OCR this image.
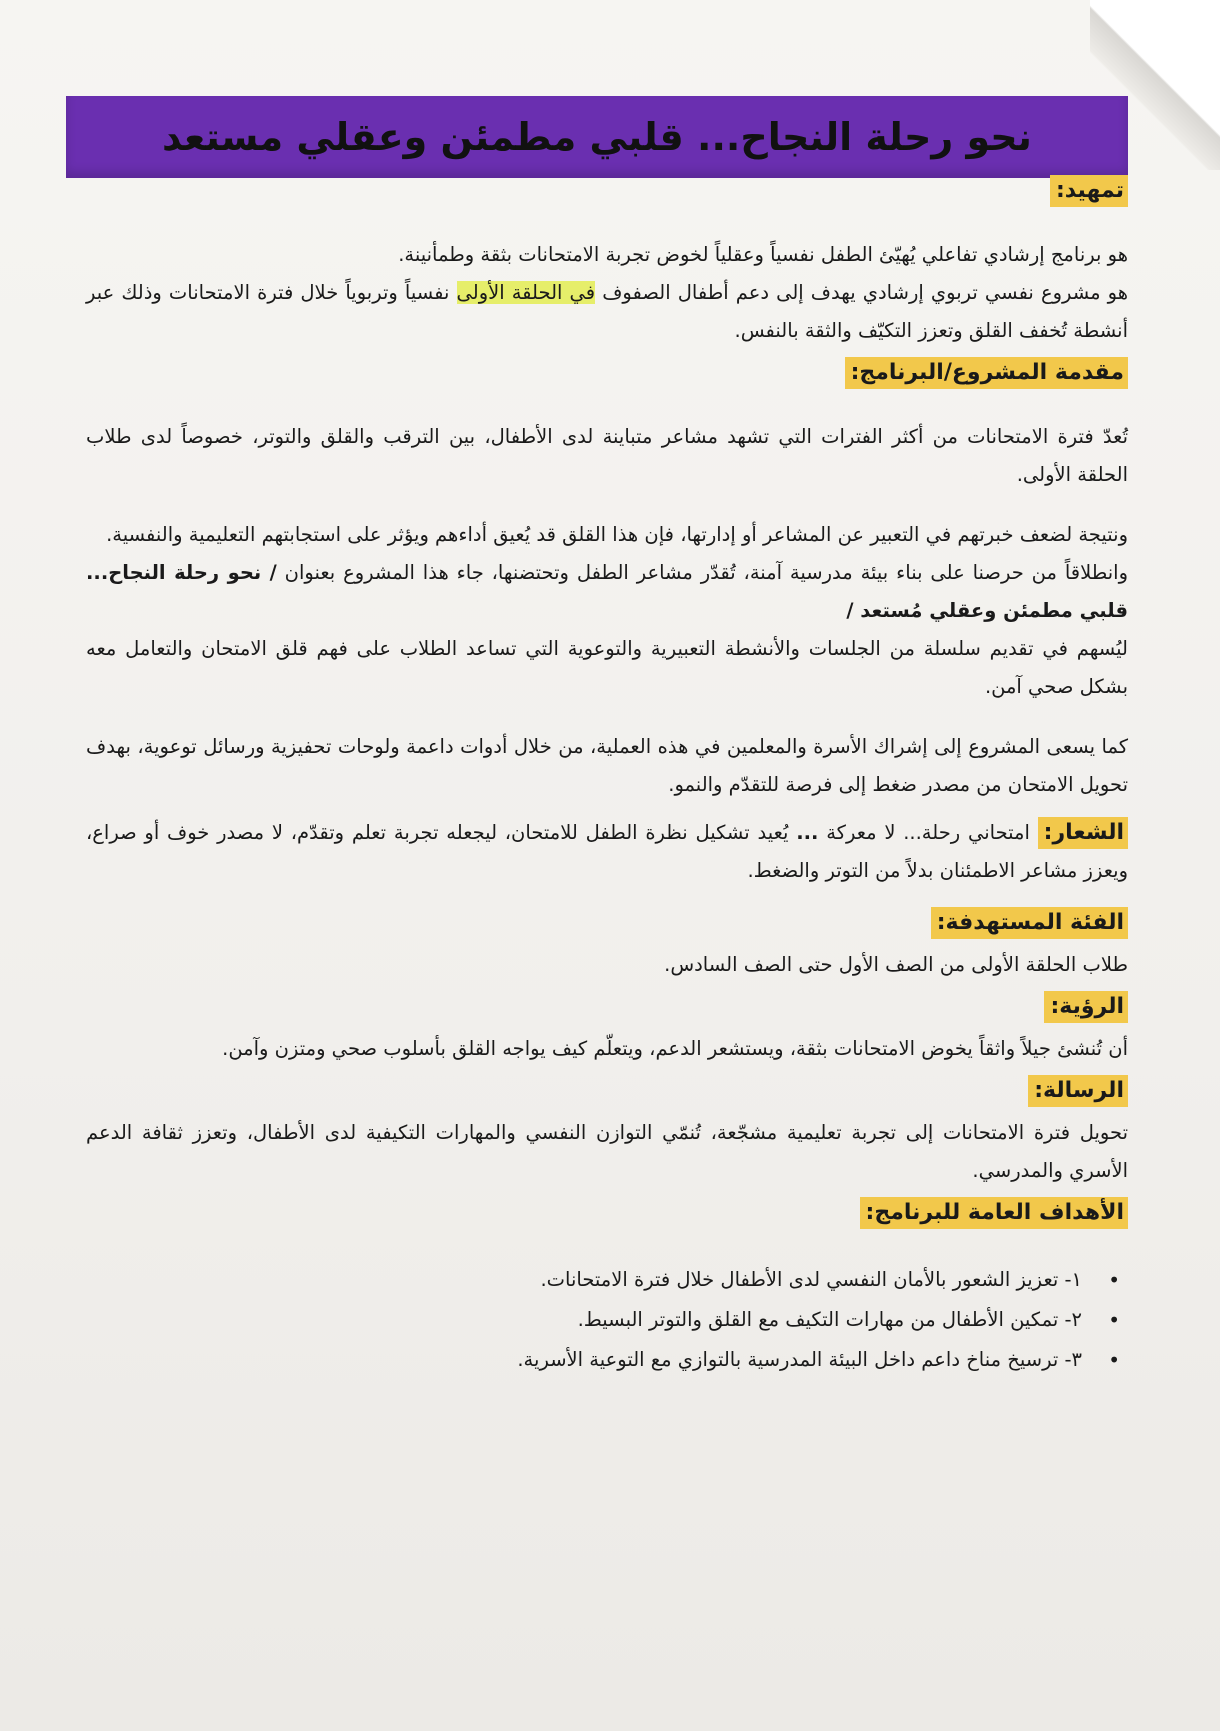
نحو رحلة النجاح... قلبي مطمئن وعقلي مستعد
تمهيد:

هو برنامج إرشادي تفاعلي يُهيّئ الطفل نفسياً وعقلياً لخوض تجربة الامتحانات بثقة وطمأنينة.

هو مشروع نفسي تربوي إرشادي يهدف إلى دعم أطفال الصفوف في الحلقة الأولى نفسياً وتربوياً خلال فترة الامتحانات وذلك عبر أنشطة تُخفف القلق وتعزز التكيّف والثقة بالنفس.

مقدمة المشروع/البرنامج:

تُعدّ فترة الامتحانات من أكثر الفترات التي تشهد مشاعر متباينة لدى الأطفال، بين الترقب والقلق والتوتر، خصوصاً لدى طلاب الحلقة الأولى.

ونتيجة لضعف خبرتهم في التعبير عن المشاعر أو إدارتها، فإن هذا القلق قد يُعيق أداءهم ويؤثر على استجابتهم التعليمية والنفسية.

وانطلاقاً من حرصنا على بناء بيئة مدرسية آمنة، تُقدّر مشاعر الطفل وتحتضنها، جاء هذا المشروع بعنوان / نحو رحلة النجاح... قلبي مطمئن وعقلي مُستعد /

ليُسهم في تقديم سلسلة من الجلسات والأنشطة التعبيرية والتوعوية التي تساعد الطلاب على فهم قلق الامتحان والتعامل معه بشكل صحي آمن.

كما يسعى المشروع إلى إشراك الأسرة والمعلمين في هذه العملية، من خلال أدوات داعمة ولوحات تحفيزية ورسائل توعوية، بهدف تحويل الامتحان من مصدر ضغط إلى فرصة للتقدّم والنمو.

الشعار: امتحاني رحلة... لا معركة ... يُعيد تشكيل نظرة الطفل للامتحان، ليجعله تجربة تعلم وتقدّم، لا مصدر خوف أو صراع، ويعزز مشاعر الاطمئنان بدلاً من التوتر والضغط.

الفئة المستهدفة:

طلاب الحلقة الأولى من الصف الأول حتى الصف السادس.

الرؤية:

أن تُنشئ جيلاً واثقاً يخوض الامتحانات بثقة، ويستشعر الدعم، ويتعلّم كيف يواجه القلق بأسلوب صحي ومتزن وآمن.

الرسالة:

تحويل فترة الامتحانات إلى تجربة تعليمية مشجّعة، تُنمّي التوازن النفسي والمهارات التكيفية لدى الأطفال، وتعزز ثقافة الدعم الأسري والمدرسي.

الأهداف العامة للبرنامج:
•
١- تعزيز الشعور بالأمان النفسي لدى الأطفال خلال فترة الامتحانات.
•
٢- تمكين الأطفال من مهارات التكيف مع القلق والتوتر البسيط.
•
٣- ترسيخ مناخ داعم داخل البيئة المدرسية بالتوازي مع التوعية الأسرية.
